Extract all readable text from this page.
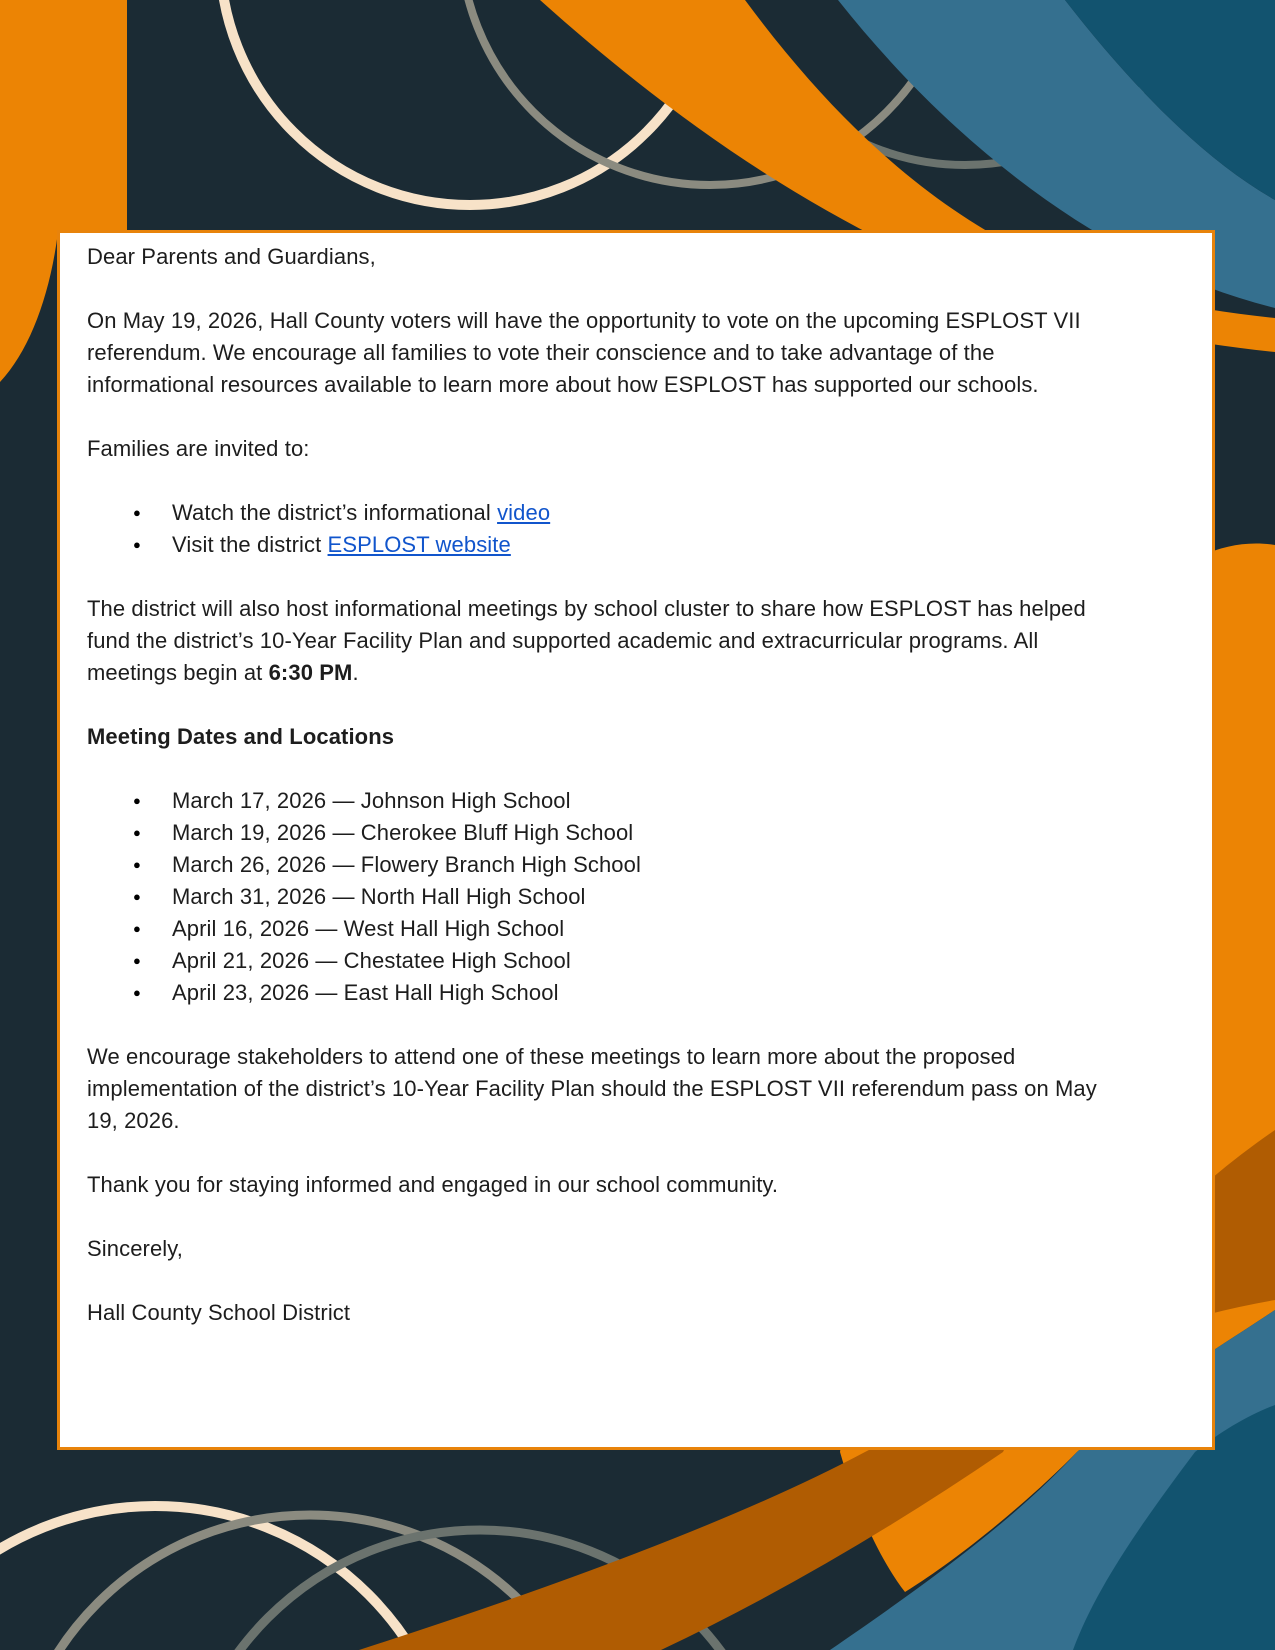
Dear Parents and Guardians,

On May 19, 2026, Hall County voters will have the opportunity to vote on the upcoming ESPLOST VII referendum. We encourage all families to vote their conscience and to take advantage of the informational resources available to learn more about how ESPLOST has supported our schools.

Families are invited to:

● Watch the district’s informational video
● Visit the district ESPLOST website

The district will also host informational meetings by school cluster to share how ESPLOST has helped fund the district’s 10-Year Facility Plan and supported academic and extracurricular programs. All meetings begin at 6:30 PM.

Meeting Dates and Locations

● March 17, 2026 — Johnson High School
● March 19, 2026 — Cherokee Bluff High School
● March 26, 2026 — Flowery Branch High School
● March 31, 2026 — North Hall High School
● April 16, 2026 — West Hall High School
● April 21, 2026 — Chestatee High School
● April 23, 2026 — East Hall High School

We encourage stakeholders to attend one of these meetings to learn more about the proposed implementation of the district’s 10-Year Facility Plan should the ESPLOST VII referendum pass on May 19, 2026.

Thank you for staying informed and engaged in our school community.

Sincerely,

Hall County School District
